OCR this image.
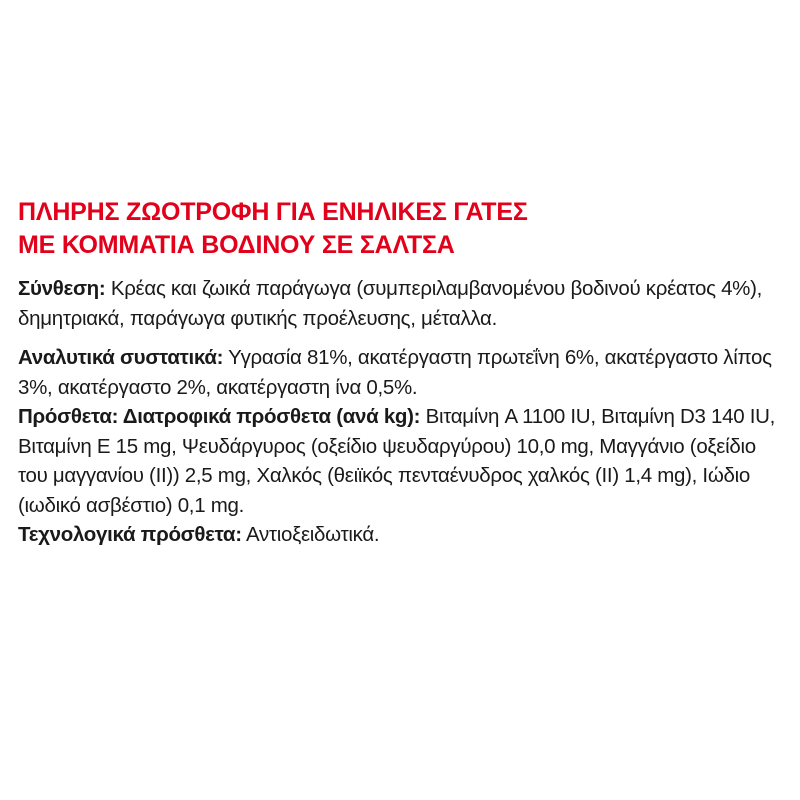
ΠΛΗΡΗΣ ΖΩΟΤΡΟΦΗ ΓΙΑ ΕΝΗΛΙΚΕΣ ΓΑΤΕΣ
ΜΕ ΚΟΜΜΑΤΙΑ ΒΟΔΙΝΟΥ ΣΕ ΣΑΛΤΣΑ

Σύνθεση: Κρέας και ζωικά παράγωγα (συμπεριλαμβανομένου βοδινού κρέατος 4%), δημητριακά, παράγωγα φυτικής προέλευσης, μέταλλα.

Αναλυτικά συστατικά: Υγρασία 81%, ακατέργαστη πρωτεΐνη 6%, ακατέργαστο λίπος 3%, ακατέργαστο 2%, ακατέργαστη ίνα 0,5%.

Πρόσθετα: Διατροφικά πρόσθετα (ανά kg): Βιταμίνη A 1100 IU, Βιταμίνη D3 140 IU, Βιταμίνη E 15 mg, Ψευδάργυρος (οξείδιο ψευδαργύρου) 10,0 mg, Μαγγάνιο (οξείδιο του μαγγανίου (II)) 2,5 mg, Χαλκός (θειϊκός πενταένυδρος χαλκός (II) 1,4 mg), Ιώδιο (ιωδικό ασβέστιο) 0,1 mg.

Τεχνολογικά πρόσθετα: Αντιοξειδωτικά.
